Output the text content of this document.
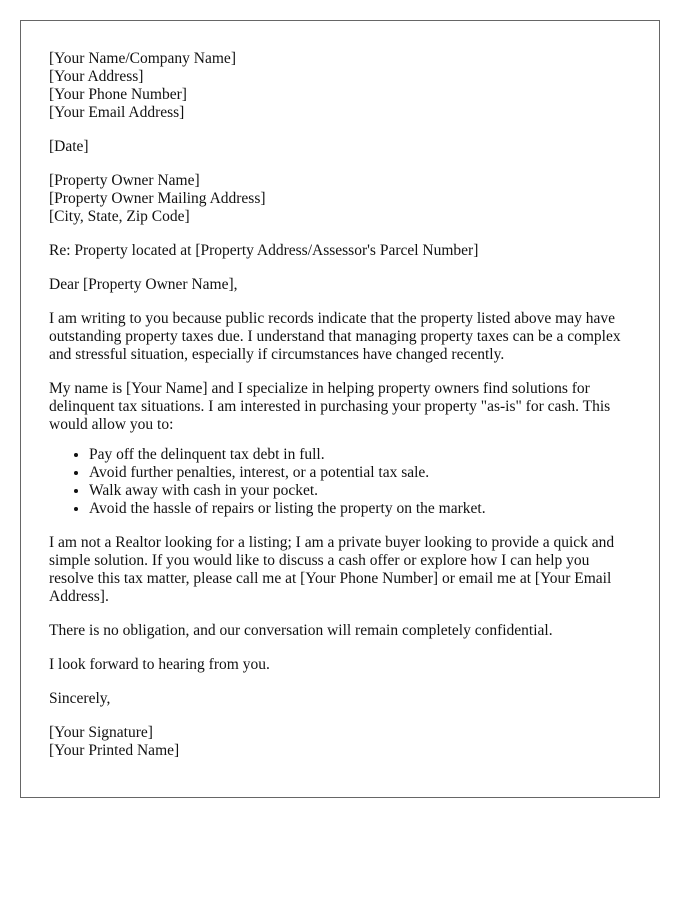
[Your Name/Company Name]
[Your Address]
[Your Phone Number]
[Your Email Address]
[Date]
[Property Owner Name]
[Property Owner Mailing Address]
[City, State, Zip Code]

Re: Property located at [Property Address/Assessor's Parcel Number]

Dear [Property Owner Name],

I am writing to you because public records indicate that the property listed above may have outstanding property taxes due. I understand that managing property taxes can be a complex and stressful situation, especially if circumstances have changed recently.

My name is [Your Name] and I specialize in helping property owners find solutions for delinquent tax situations. I am interested in purchasing your property "as-is" for cash. This would allow you to:

• Pay off the delinquent tax debt in full.
• Avoid further penalties, interest, or a potential tax sale.
• Walk away with cash in your pocket.
• Avoid the hassle of repairs or listing the property on the market.

I am not a Realtor looking for a listing; I am a private buyer looking to provide a quick and simple solution. If you would like to discuss a cash offer or explore how I can help you resolve this tax matter, please call me at [Your Phone Number] or email me at [Your Email Address].

There is no obligation, and our conversation will remain completely confidential.

I look forward to hearing from you.

Sincerely,

[Your Signature]
[Your Printed Name]
